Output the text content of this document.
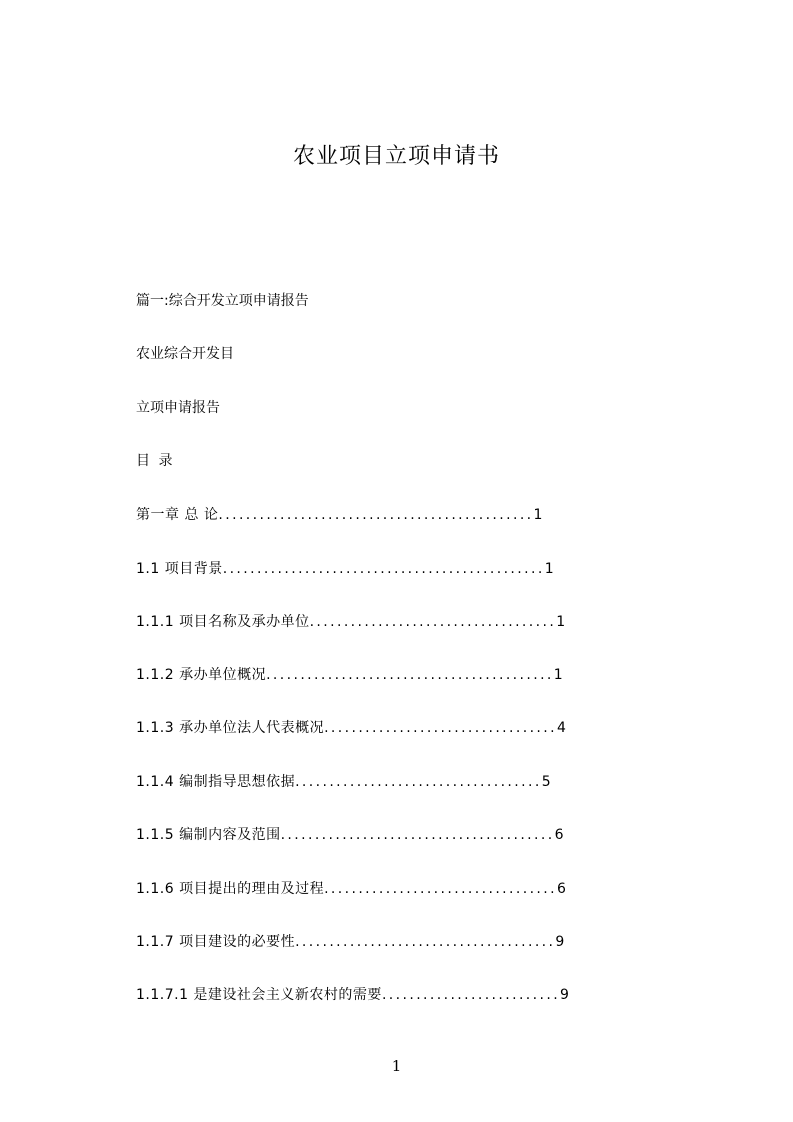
农业项目立项申请书
篇一:综合开发立项申请报告
农业综合开发目
立项申请报告
目 录
第一章 总 论..............................................1
1.1 项目背景...............................................1
1.1.1 项目名称及承办单位....................................1
1.1.2 承办单位概况..........................................1
1.1.3 承办单位法人代表概况..................................4
1.1.4 编制指导思想依据....................................5
1.1.5 编制内容及范围........................................6
1.1.6 项目提出的理由及过程..................................6
1.1.7 项目建设的必要性......................................9
1.1.7.1 是建设社会主义新农村的需要..........................9
1
